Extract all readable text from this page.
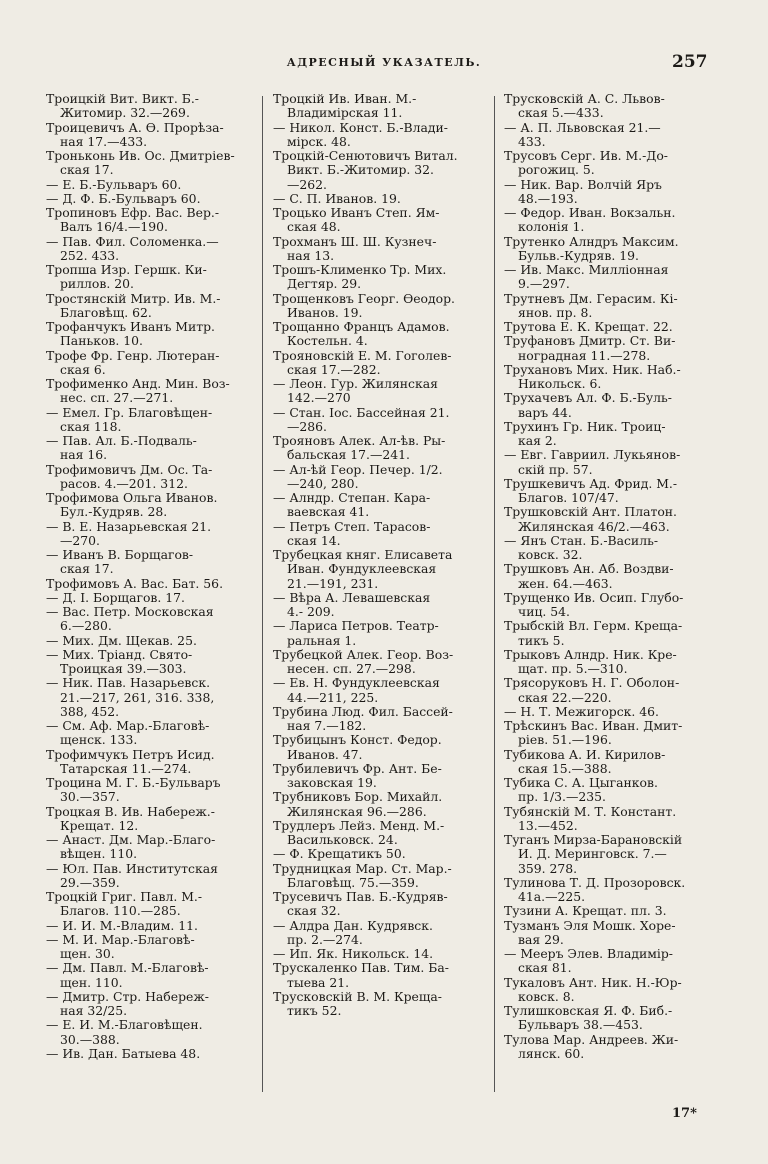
АДРЕСНЫЙ УКАЗАТЕЛЬ.	257

Троицкій Вит. Викт. Б.-
Житомир. 32.—269.

Троицевичъ А. Ѳ. Прорѣза-
ная 17.—433.

Троньконь Ив. Ос. Дмитріев-
ская 17.

— Е. Б.-Бульваръ 60.

— Д. Ф. Б.-Бульваръ 60.

Тропиновъ Ефр. Вас. Вер.-
Валъ 16/4.—190.

— Пав. Фил. Соломенка.—
252. 433.

Тропша Изр. Гершк. Ки-
риллов. 20.

Тростянскій Митр. Ив. М.-
Благовѣщ. 62.

Трофанчукъ Иванъ Митр.
Паньков. 10.

Трофе Фр. Генр. Лютеран-
ская 6.

Трофименко Анд. Мин. Воз-
нес. сп. 27.—271.

— Емел. Гр. Благовѣщен-
ская 118.

— Пав. Ал. Б.-Подваль-
ная 16.

Трофимовичъ Дм. Ос. Та-
расов. 4.—201. 312.

Трофимова Ольга Иванов.
Бул.-Кудряв. 28.

— В. Е. Назарьевская 21.
—270.

— Иванъ В. Борщагов-
ская 17.

Трофимовъ А. Вас. Бат. 56.

— Д. І. Борщагов. 17.

— Вас. Петр. Московская
6.—280.

— Мих. Дм. Щекав. 25.

— Мих. Тріанд. Свято-
Троицкая 39.—303.

— Ник. Пав. Назарьевск.
21.—217, 261, 316. 338,
388, 452.

— См. Аф. Мар.-Благовѣ-
щенск. 133.

Трофимчукъ Петръ Исид.
Татарская 11.—274.

Троцина М. Г. Б.-Бульваръ
30.—357.

Троцкая В. Ив. Набереж.-
Крещат. 12.

— Анаст. Дм. Мар.-Благо-
вѣщен. 110.

— Юл. Пав. Институтская
29.—359.

Троцкій Григ. Павл. М.-
Благов. 110.—285.

— И. И. М.-Владим. 11.

— М. И. Мар.-Благовѣ-
щен. 30.

— Дм. Павл. М.-Благовѣ-
щен. 110.

— Дмитр. Стр. Набереж-
ная 32/25.

— Е. И. М.-Благовѣщен.
30.—388.

— Ив. Дан. Батыева 48.

Троцкій Ив. Иван. М.-
Владимірская 11.

— Никол. Конст. Б.-Влади-
мірск. 48.

Троцкій-Сенютовичъ Витал.
Викт. Б.-Житомир. 32.
—262.

— С. П. Иванов. 19.

Троцько Иванъ Степ. Ям-
ская 48.

Трохманъ Ш. Ш. Кузнеч-
ная 13.

Трошъ-Клименко Тр. Мих.
Дегтяр. 29.

Трощенковъ Георг. Ѳеодор.
Иванов. 19.

Трощанно Францъ Адамов.
Костельн. 4.

Трояновскій Е. М. Гоголев-
ская 17.—282.

— Леон. Гур. Жилянская
142.—270

— Стан. Іос. Бассейная 21.
—286.

Трояновъ Алек. Ал-ѣв. Ры-
бальская 17.—241.

— Ал-ѣй Геор. Печер. 1/2.
—240, 280.

— Алндр. Степан. Кара-
ваевская 41.

— Петръ Степ. Тарасов-
ская 14.

Трубецкая княг. Елисавета
Иван. Фундуклеевская
21.—191, 231.

— Вѣра А. Левашевская
4.- 209.

— Лариса Петров. Театр-
ральная 1.

Трубецкой Алек. Геор. Воз-
несен. сп. 27.—298.

— Ев. Н. Фундуклеевская
44.—211, 225.

Трубина Люд. Фил. Бассей-
ная 7.—182.

Трубицынъ Конст. Федор.
Иванов. 47.

Трубилевичъ Фр. Ант. Бе-
заковская 19.

Трубниковъ Бор. Михайл.
Жилянская 96.—286.

Трудлеръ Лейз. Менд. М.-
Васильковск. 24.

— Ф. Крещатикъ 50.

Трудницкая Мар. Ст. Мар.-
Благовѣщ. 75.—359.

Трусевичъ Пав. Б.-Кудряв-
ская 32.

— Алдра Дан. Кудрявск.
пр. 2.—274.

— Ип. Як. Никольск. 14.

Трускаленко Пав. Тим. Ба-
тыева 21.

Трусковскій В. М. Крещa-
тикъ 52.

Трусковскій А. С. Львов-
ская 5.—433.

— А. П. Львовская 21.—
433.

Трусовъ Серг. Ив. М.-До-
рогожиц. 5.

— Ник. Вар. Волчій Яръ
48.—193.

— Федор. Иван. Вокзальн.
колонія 1.

Трутенко Алндръ Максим.
Бульв.-Кудряв. 19.

— Ив. Макс. Милліонная
9.—297.

Трутневъ Дм. Герасим. Кі-
янов. пр. 8.

Трутова Е. К. Крещат. 22.

Труфановъ Дмитр. Ст. Ви-
ноградная 11.—278.

Трухановъ Мих. Ник. Наб.-
Никольск. 6.

Трухачевъ Ал. Ф. Б.-Буль-
варъ 44.

Трухинъ Гр. Ник. Троиц-
кая 2.

— Евг. Гавриил. Лукьянов-
скій пр. 57.

Трушкевичъ Ад. Фрид. М.-
Благов. 107/47.

Трушковскій Ант. Платон.
Жилянская 46/2.—463.

— Янъ Стан. Б.-Василь-
ковск. 32.

Трушковъ Ан. Аб. Воздви-
жен. 64.—463.

Трущенко Ив. Осип. Глубо-
чиц. 54.

Трыбскій Вл. Герм. Креща-
тикъ 5.

Трыковъ Алндр. Ник. Кре-
щат. пр. 5.—310.

Трясоруковъ Н. Г. Оболон-
ская 22.—220.

— Н. Т. Межигорск. 46.

Трѣскинъ Вас. Иван. Дмит-
ріев. 51.—196.

Тубикова А. И. Кирилов-
ская 15.—388.

Тубика С. А. Цыганков.
пр. 1/3.—235.

Тубянскій М. Т. Констант.
13.—452.

Туганъ Мирза-Барановскій
И. Д. Меринговск. 7.—
359. 278.

Тулинова Т. Д. Прозоровск.
41а.—225.

Тузини А. Крещат. пл. 3.

Тузманъ Эля Мошк. Хоре-
вая 29.

— Мееръ Элев. Владимір-
ская 81.

Тукаловъ Ант. Ник. Н.-Юр-
ковск. 8.

Тулишковская Я. Ф. Биб.-
Бульваръ 38.—453.

Тулова Мар. Андреев. Жи-
лянск. 60.

17*
